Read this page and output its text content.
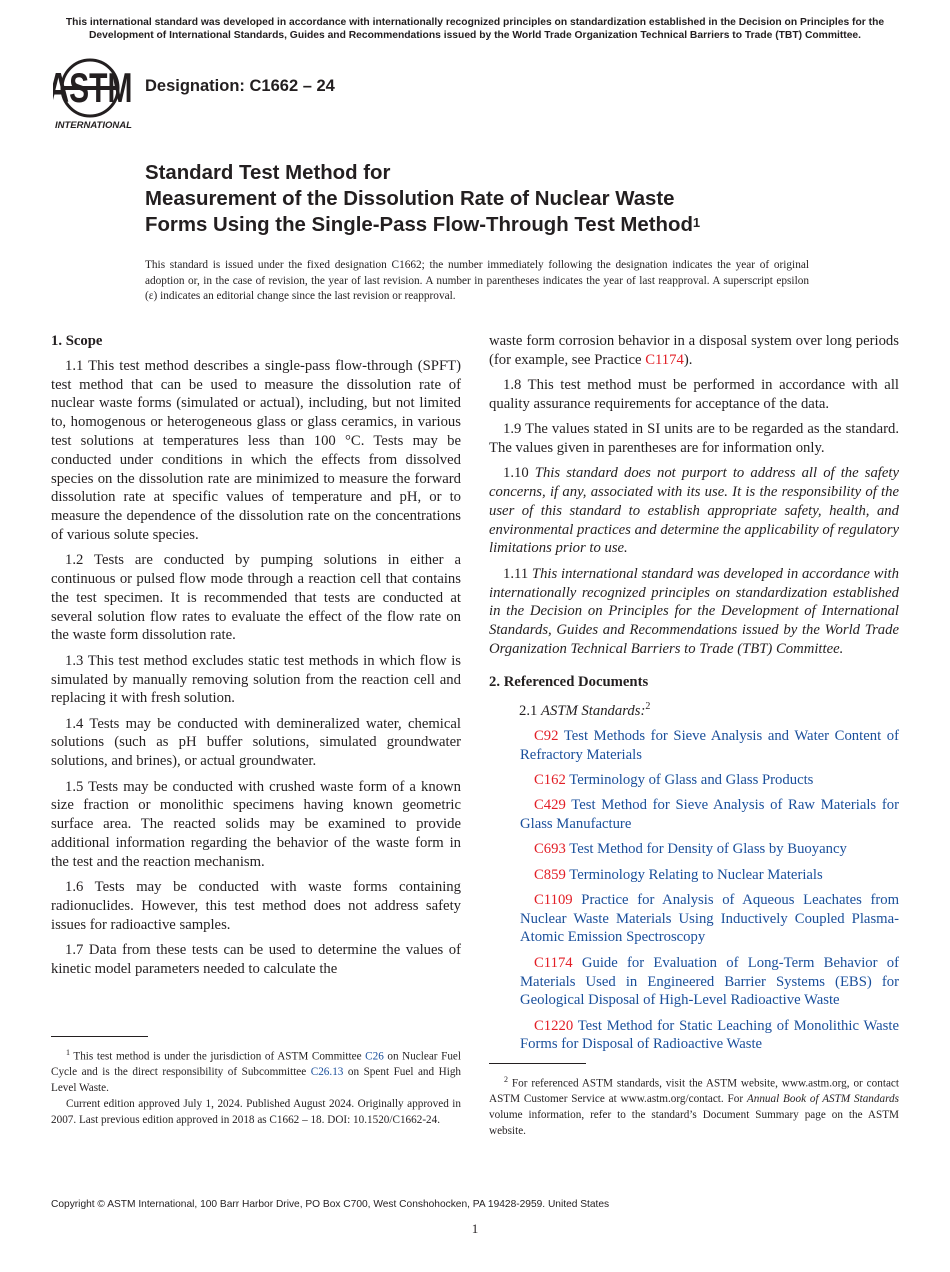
This international standard was developed in accordance with internationally recognized principles on standardization established in the Decision on Principles for the Development of International Standards, Guides and Recommendations issued by the World Trade Organization Technical Barriers to Trade (TBT) Committee.
ASTM
INTERNATIONAL
Designation: C1662 – 24
Standard Test Method for
Measurement of the Dissolution Rate of Nuclear Waste
Forms Using the Single-Pass Flow-Through Test Method$^1$
This standard is issued under the fixed designation C1662; the number immediately following the designation indicates the year of original adoption or, in the case of revision, the year of last revision. A number in parentheses indicates the year of last reapproval. A superscript epsilon (ε) indicates an editorial change since the last revision or reapproval.
1. Scope

1.1 This test method describes a single-pass flow-through (SPFT) test method that can be used to measure the dissolution rate of nuclear waste forms (simulated or actual), including, but not limited to, homogenous or heterogeneous glass or glass ceramics, in various test solutions at temperatures less than 100 °C. Tests may be conducted under conditions in which the effects from dissolved species on the dissolution rate are minimized to measure the forward dissolution rate at specific values of temperature and pH, or to measure the dependence of the dissolution rate on the concentrations of various solute species.

1.2 Tests are conducted by pumping solutions in either a continuous or pulsed flow mode through a reaction cell that contains the test specimen. It is recommended that tests are conducted at several solution flow rates to evaluate the effect of the flow rate on the waste form dissolution rate.

1.3 This test method excludes static test methods in which flow is simulated by manually removing solution from the reaction cell and replacing it with fresh solution.

1.4 Tests may be conducted with demineralized water, chemical solutions (such as pH buffer solutions, simulated groundwater solutions, and brines), or actual groundwater.

1.5 Tests may be conducted with crushed waste form of a known size fraction or monolithic specimens having known geometric surface area. The reacted solids may be examined to provide additional information regarding the behavior of the waste form in the test and the reaction mechanism.

1.6 Tests may be conducted with waste forms containing radionuclides. However, this test method does not address safety issues for radioactive samples.

1.7 Data from these tests can be used to determine the values of kinetic model parameters needed to calculate the

waste form corrosion behavior in a disposal system over long periods (for example, see Practice C1174).

1.8 This test method must be performed in accordance with all quality assurance requirements for acceptance of the data.

1.9 The values stated in SI units are to be regarded as the standard. The values given in parentheses are for information only.

1.10 This standard does not purport to address all of the safety concerns, if any, associated with its use. It is the responsibility of the user of this standard to establish appropriate safety, health, and environmental practices and determine the applicability of regulatory limitations prior to use.

1.11 This international standard was developed in accordance with internationally recognized principles on standardization established in the Decision on Principles for the Development of International Standards, Guides and Recommendations issued by the World Trade Organization Technical Barriers to Trade (TBT) Committee.

2. Referenced Documents

2.1 ASTM Standards:$^2$

C92 Test Methods for Sieve Analysis and Water Content of Refractory Materials

C162 Terminology of Glass and Glass Products

C429 Test Method for Sieve Analysis of Raw Materials for Glass Manufacture

C693 Test Method for Density of Glass by Buoyancy

C859 Terminology Relating to Nuclear Materials

C1109 Practice for Analysis of Aqueous Leachates from Nuclear Waste Materials Using Inductively Coupled Plasma-Atomic Emission Spectroscopy

C1174 Guide for Evaluation of Long-Term Behavior of Materials Used in Engineered Barrier Systems (EBS) for Geological Disposal of High-Level Radioactive Waste

C1220 Test Method for Static Leaching of Monolithic Waste Forms for Disposal of Radioactive Waste

$^1$ This test method is under the jurisdiction of ASTM Committee C26 on Nuclear Fuel Cycle and is the direct responsibility of Subcommittee C26.13 on Spent Fuel and High Level Waste.

Current edition approved July 1, 2024. Published August 2024. Originally approved in 2007. Last previous edition approved in 2018 as C1662 – 18. DOI: 10.1520/C1662-24.

$^2$ For referenced ASTM standards, visit the ASTM website, www.astm.org, or contact ASTM Customer Service at www.astm.org/contact. For Annual Book of ASTM Standards volume information, refer to the standard’s Document Summary page on the ASTM website.

Copyright © ASTM International, 100 Barr Harbor Drive, PO Box C700, West Conshohocken, PA 19428-2959. United States
1
